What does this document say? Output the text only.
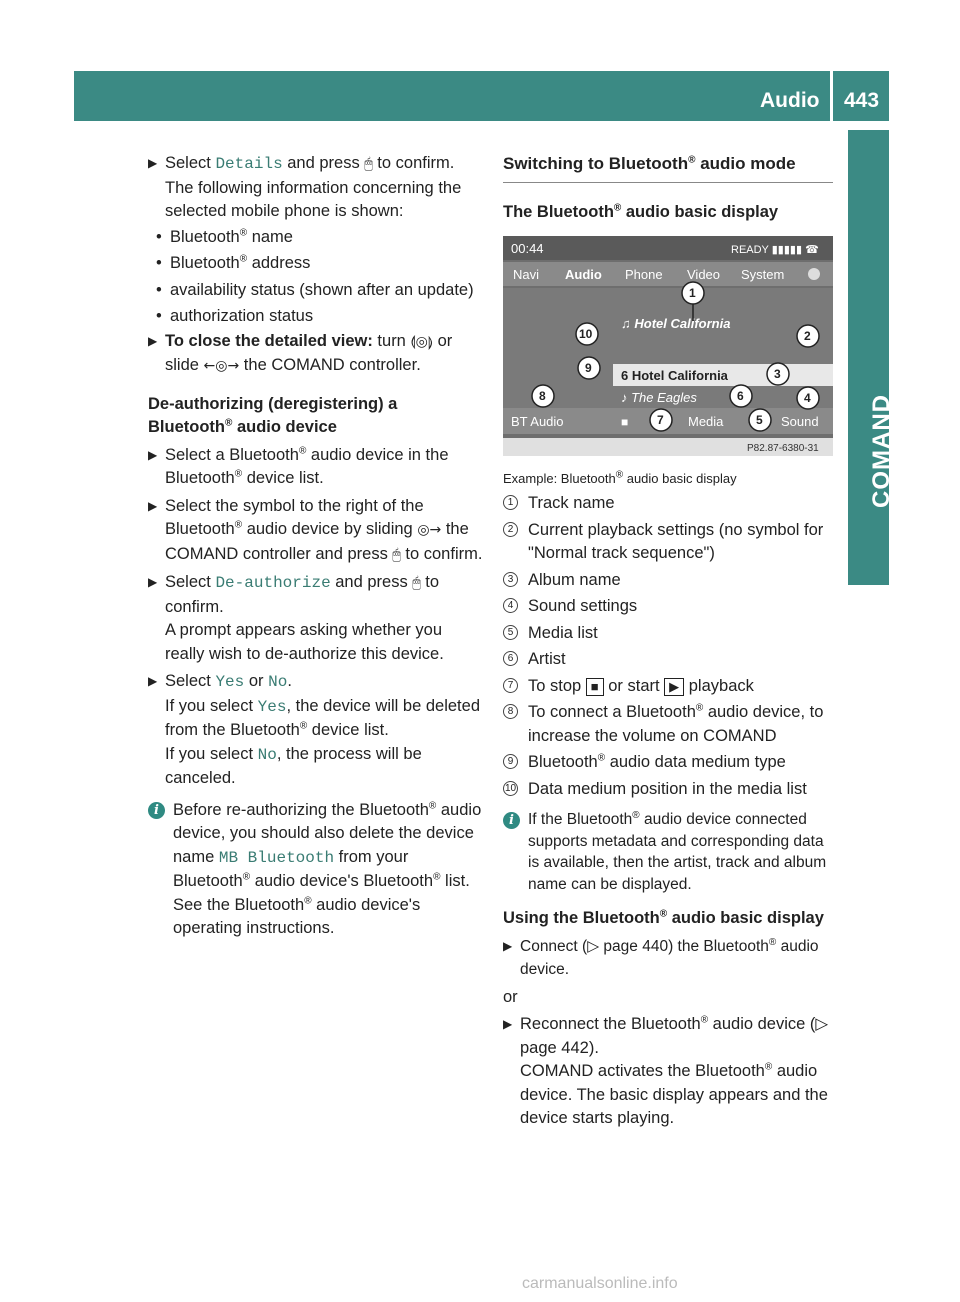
Audio 443
COMAND
▶ Select Details and press 🖱 to confirm.

The following information concerning the selected mobile phone is shown:

• Bluetooth® name
• Bluetooth® address
• availability status (shown after an update)
• authorization status
▶ To close the detailed view: turn ⟬◎⟭ or slide ←◎→ the COMAND controller.

De-authorizing (deregistering) a
Bluetooth® audio device

▶ Select a Bluetooth® audio device in the Bluetooth® device list.

▶ Select the symbol to the right of the Bluetooth® audio device by sliding ◎→ the COMAND controller and press 🖱 to confirm.

▶ Select De-authorize and press 🖱 to confirm.

A prompt appears asking whether you really wish to de-authorize this device.

▶ Select Yes or No.

If you select Yes, the device will be deleted from the Bluetooth® device list.

If you select No, the process will be canceled.

i Before re-authorizing the Bluetooth® audio device, you should also delete the device name MB Bluetooth from your Bluetooth® audio device's Bluetooth® list. See the Bluetooth® audio device's operating instructions.

Switching to Bluetooth® audio mode
The Bluetooth® audio basic display
00:44	READY ▮▮▮▮▮ ☎
Navi Audio Phone Video System
♫ Hotel California
6 Hotel California
♪ The Eagles
BT Audio	■	Media	Sound
P82.87-6380-31
1
2
3
4
5
6
7
8
9
10

Example: Bluetooth® audio basic display

1 Track name
2 Current playback settings (no symbol for "Normal track sequence")
3 Album name
4 Sound settings
5 Media list
6 Artist
7 To stop ■ or start ▶ playback
8 To connect a Bluetooth® audio device, to increase the volume on COMAND
9 Bluetooth® audio data medium type
10 Data medium position in the media list
i If the Bluetooth® audio device connected supports metadata and corresponding data is available, then the artist, track and album name can be displayed.

Using the Bluetooth® audio basic display

▶ Connect (▷ page 440) the Bluetooth® audio device.

or

▶ Reconnect the Bluetooth® audio device (▷ page 442).

COMAND activates the Bluetooth® audio device. The basic display appears and the device starts playing.

carmanualsonline.info
